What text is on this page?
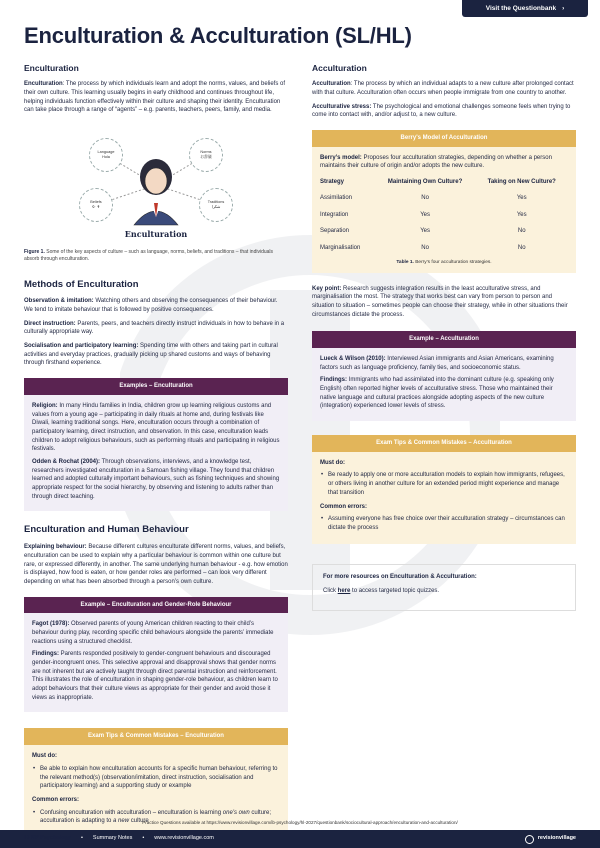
Visit the Questionbank ›
Enculturation & Acculturation (SL/HL)
Enculturation

Enculturation: The process by which individuals learn and adopt the norms, values, and beliefs of their own culture. This learning usually begins in early childhood and continues throughout life, helping individuals function effectively within their culture and shaping their identity. Enculturation can take place through a range of “agents” – e.g. parents, teachers, peers, family, and media.

Language
Hola
Norms
お辞儀
Beliefs
☪ ✝
Traditions
شكرا
Enculturation
Figure 1. Some of the key aspects of culture – such as language, norms, beliefs, and traditions – that individuals absorb through enculturation.
Methods of Enculturation

Observation & imitation: Watching others and observing the consequences of their behaviour. We tend to imitate behaviour that is followed by positive consequences.

Direct instruction: Parents, peers, and teachers directly instruct individuals in how to behave in a culturally appropriate way.

Socialisation and participatory learning: Spending time with others and taking part in cultural activities and everyday practices, gradually picking up shared customs and ways of behaving through firsthand experience.

Examples – Enculturation

Religion: In many Hindu families in India, children grow up learning religious customs and values from a young age – participating in daily rituals at home and, during festivals like Diwali, learning traditional songs. Here, enculturation occurs through a combination of participatory learning, direct instruction, and observation. In this case, enculturation leads children to adopt religious behaviours, such as performing rituals and participating in religious festivals.

Odden & Rochat (2004): Through observations, interviews, and a knowledge test, researchers investigated enculturation in a Samoan fishing village. They found that children learned and adopted culturally important behaviours, such as fishing techniques and showing appropriate respect for the social hierarchy, by observing and listening to adults rather than through direct teaching.

Enculturation and Human Behaviour

Explaining behaviour: Because different cultures enculturate different norms, values, and beliefs, enculturation can be used to explain why a particular behaviour is common within one culture but rare, or expressed differently, in another. The same underlying human behaviour - e.g. how emotion is displayed, how food is eaten, or how gender roles are performed – can look very different depending on what has been absorbed through a person’s own culture.

Example – Enculturation and Gender-Role Behaviour

Fagot (1978): Observed parents of young American children reacting to their child’s behaviour during play, recording specific child behaviours alongside the parents’ immediate reactions using a structured checklist.

Findings: Parents responded positively to gender-congruent behaviours and discouraged gender-incongruent ones. This selective approval and disapproval shows that gender norms are not inherent but are actively taught through direct parental instruction and reinforcement. This illustrates the role of enculturation in shaping gender-role behaviour, as children learn to adopt behaviours that their culture views as appropriate for their gender and avoid those it views as inappropriate.

Exam Tips & Common Mistakes – Enculturation

Must do:

• Be able to explain how enculturation accounts for a specific human behaviour, referring to the relevant method(s) (observation/imitation, direct instruction, socialisation and participatory learning) and a supporting study or example

Common errors:

• Confusing enculturation with acculturation – enculturation is learning one’s own culture; acculturation is adapting to a new culture
Acculturation

Acculturation: The process by which an individual adapts to a new culture after prolonged contact with that culture. Acculturation often occurs when people immigrate from one country to another.

Acculturative stress: The psychological and emotional challenges someone feels when trying to come into contact with, and/or adjust to, a new culture.

Berry's Model of Acculturation

Berry’s model: Proposes four acculturation strategies, depending on whether a person maintains their culture of origin and/or adopts the new culture.

Strategy	Maintaining Own Culture?	Taking on New Culture?
Assimilation	No	Yes
Integration	Yes	Yes
Separation	Yes	No
Marginalisation	No	No
Table 1. Berry’s four acculturation strategies.

Key point: Research suggests integration results in the least acculturative stress, and marginalisation the most. The strategy that works best can vary from person to person and situation to situation – sometimes people can choose their strategy, while in other situations their circumstances dictate the process.

Example – Acculturation

Lueck & Wilson (2010): Interviewed Asian immigrants and Asian Americans, examining factors such as language proficiency, family ties, and socioeconomic status.

Findings: Immigrants who had assimilated into the dominant culture (e.g. speaking only English) often reported higher levels of acculturative stress. Those who maintained their native language and cultural practices alongside adopting aspects of the new culture (integration) experienced lower levels of stress.

Exam Tips & Common Mistakes – Acculturation

Must do:

• Be ready to apply one or more acculturation models to explain how immigrants, refugees, or others living in another culture for an extended period might experience and manage that transition

Common errors:

• Assuming everyone has free choice over their acculturation strategy – circumstances can dictate the process
For more resources on Enculturation & Acculturation:
Click here to access targeted topic quizzes.
Practice Questions available at https://www.revisionvillage.com/ib-psychology/hl-2027/questionbank/sociocultural-approach/enculturation-and-acculturation/
IB DP Psychology • Summary Notes • www.revisionvillage.com	revisionvillage
